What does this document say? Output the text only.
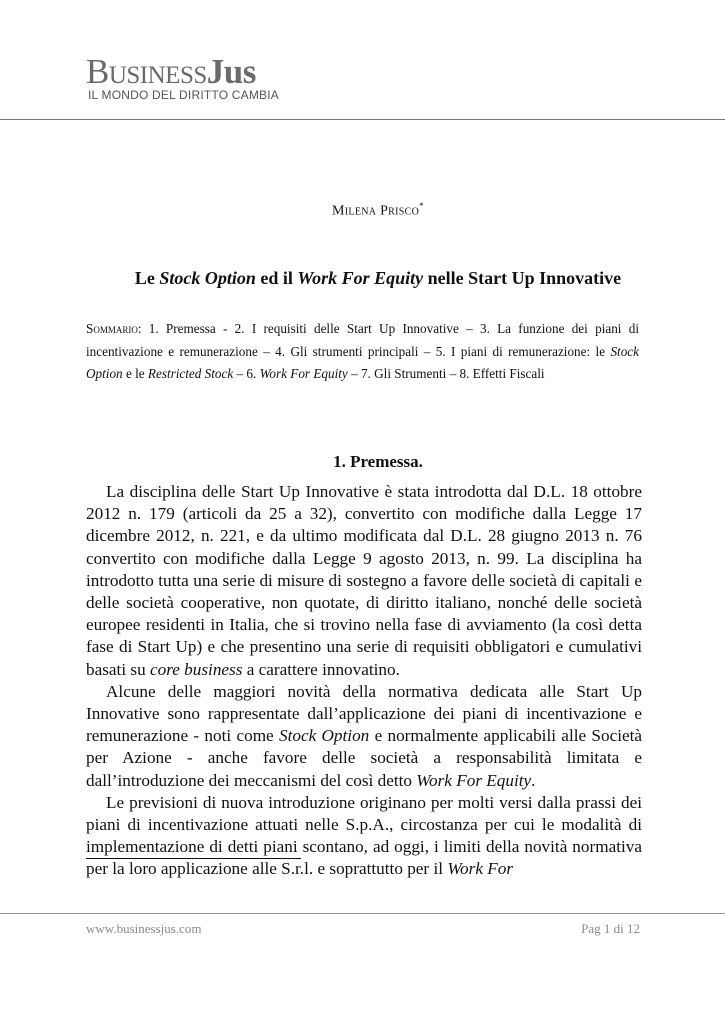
BusinessJus
IL MONDO DEL DIRITTO CAMBIA
Milena Prisco*
Le Stock Option ed il Work For Equity nelle Start Up Innovative
Sommario: 1. Premessa - 2. I requisiti delle Start Up Innovative – 3. La funzione dei piani di incentivazione e remunerazione – 4. Gli strumenti principali – 5. I piani di remunerazione: le Stock Option e le Restricted Stock – 6. Work For Equity – 7. Gli Strumenti – 8. Effetti Fiscali
1. Premessa.

La disciplina delle Start Up Innovative è stata introdotta dal D.L. 18 ottobre 2012 n. 179 (articoli da 25 a 32), convertito con modifiche dalla Legge 17 dicembre 2012, n. 221, e da ultimo modificata dal D.L. 28 giugno 2013 n. 76 convertito con modifiche dalla Legge 9 agosto 2013, n. 99. La disciplina ha introdotto tutta una serie di misure di sostegno a favore delle società di capitali e delle società cooperative, non quotate, di diritto italiano, nonché delle società europee residenti in Italia, che si trovino nella fase di avviamento (la così detta fase di Start Up) e che presentino una serie di requisiti obbligatori e cumulativi basati su core business a carattere innovatino.

Alcune delle maggiori novità della normativa dedicata alle Start Up Innovative sono rappresentate dall’applicazione dei piani di incentivazione e remunerazione - noti come Stock Option e normalmente applicabili alle Società per Azione - anche favore delle società a responsabilità limitata e dall’introduzione dei meccanismi del così detto Work For Equity.

Le previsioni di nuova introduzione originano per molti versi dalla prassi dei piani di incentivazione attuati nelle S.p.A., circostanza per cui le modalità di implementazione di detti piani scontano, ad oggi, i limiti della novità normativa per la loro applicazione alle S.r.l. e soprattutto per il Work For

www.businessjus.com	Pag 1 di 12
